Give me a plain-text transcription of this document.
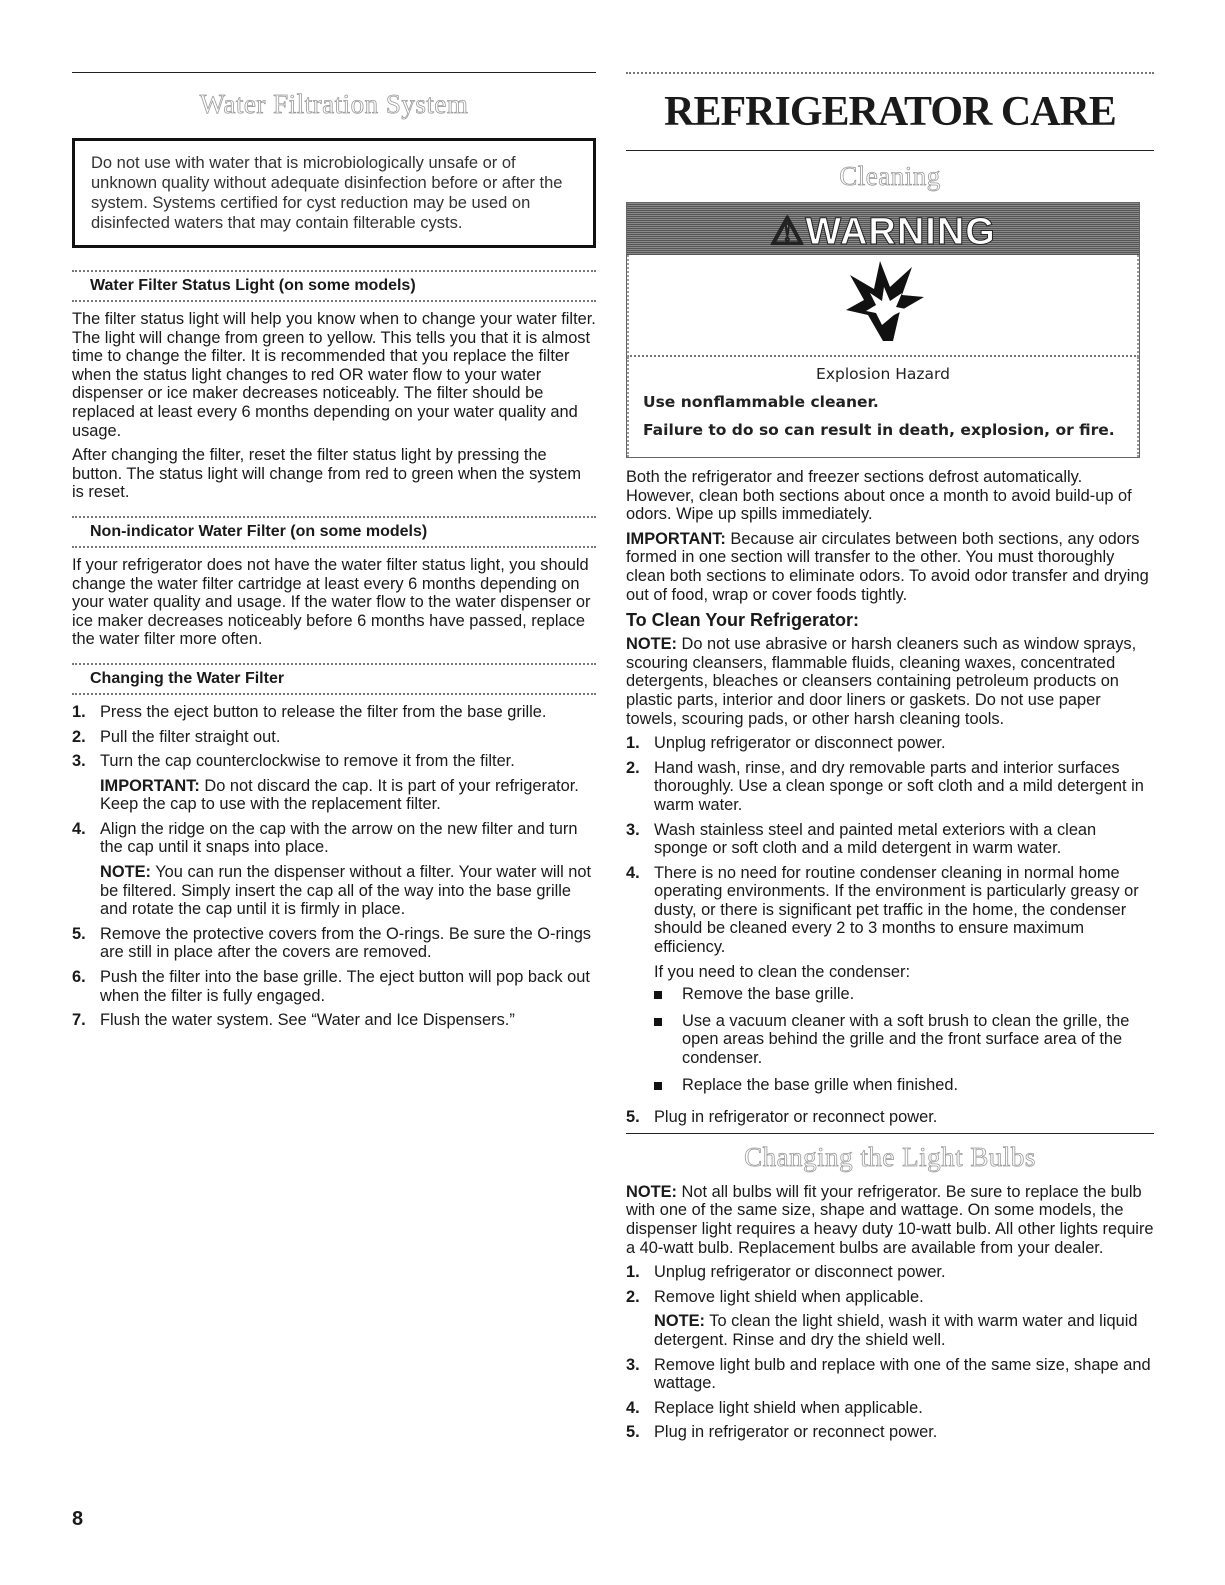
Water Filtration System
Do not use with water that is microbiologically unsafe or of unknown quality without adequate disinfection before or after the system. Systems certified for cyst reduction may be used on disinfected waters that may contain filterable cysts.
Water Filter Status Light (on some models)

The filter status light will help you know when to change your water filter. The light will change from green to yellow. This tells you that it is almost time to change the filter. It is recommended that you replace the filter when the status light changes to red OR water flow to your water dispenser or ice maker decreases noticeably. The filter should be replaced at least every 6 months depending on your water quality and usage.

After changing the filter, reset the filter status light by pressing the button. The status light will change from red to green when the system is reset.

Non-indicator Water Filter (on some models)

If your refrigerator does not have the water filter status light, you should change the water filter cartridge at least every 6 months depending on your water quality and usage. If the water flow to the water dispenser or ice maker decreases noticeably before 6 months have passed, replace the water filter more often.

Changing the Water Filter
1. Press the eject button to release the filter from the base grille.
2. Pull the filter straight out.
3. Turn the cap counterclockwise to remove it from the filter.
IMPORTANT: Do not discard the cap. It is part of your refrigerator. Keep the cap to use with the replacement filter.
4. Align the ridge on the cap with the arrow on the new filter and turn the cap until it snaps into place.
NOTE: You can run the dispenser without a filter. Your water will not be filtered. Simply insert the cap all of the way into the base grille and rotate the cap until it is firmly in place.
5. Remove the protective covers from the O-rings. Be sure the O-rings are still in place after the covers are removed.
6. Push the filter into the base grille. The eject button will pop back out when the filter is fully engaged.
7. Flush the water system. See “Water and Ice Dispensers.”
REFRIGERATOR CARE
Cleaning
⚠WARNING
Explosion Hazard
Use nonflammable cleaner.
Failure to do so can result in death, explosion, or fire.

Both the refrigerator and freezer sections defrost automatically. However, clean both sections about once a month to avoid build-up of odors. Wipe up spills immediately.

IMPORTANT: Because air circulates between both sections, any odors formed in one section will transfer to the other. You must thoroughly clean both sections to eliminate odors. To avoid odor transfer and drying out of food, wrap or cover foods tightly.

To Clean Your Refrigerator:

NOTE: Do not use abrasive or harsh cleaners such as window sprays, scouring cleansers, flammable fluids, cleaning waxes, concentrated detergents, bleaches or cleansers containing petroleum products on plastic parts, interior and door liners or gaskets. Do not use paper towels, scouring pads, or other harsh cleaning tools.

1. Unplug refrigerator or disconnect power.
2. Hand wash, rinse, and dry removable parts and interior surfaces thoroughly. Use a clean sponge or soft cloth and a mild detergent in warm water.
3. Wash stainless steel and painted metal exteriors with a clean sponge or soft cloth and a mild detergent in warm water.
4. There is no need for routine condenser cleaning in normal home operating environments. If the environment is particularly greasy or dusty, or there is significant pet traffic in the home, the condenser should be cleaned every 2 to 3 months to ensure maximum efficiency.
If you need to clean the condenser:
Remove the base grille.
Use a vacuum cleaner with a soft brush to clean the grille, the open areas behind the grille and the front surface area of the condenser.
Replace the base grille when finished.
5. Plug in refrigerator or reconnect power.
Changing the Light Bulbs

NOTE: Not all bulbs will fit your refrigerator. Be sure to replace the bulb with one of the same size, shape and wattage. On some models, the dispenser light requires a heavy duty 10-watt bulb. All other lights require a 40-watt bulb. Replacement bulbs are available from your dealer.

1. Unplug refrigerator or disconnect power.
2. Remove light shield when applicable.
NOTE: To clean the light shield, wash it with warm water and liquid detergent. Rinse and dry the shield well.
3. Remove light bulb and replace with one of the same size, shape and wattage.
4. Replace light shield when applicable.
5. Plug in refrigerator or reconnect power.
8
